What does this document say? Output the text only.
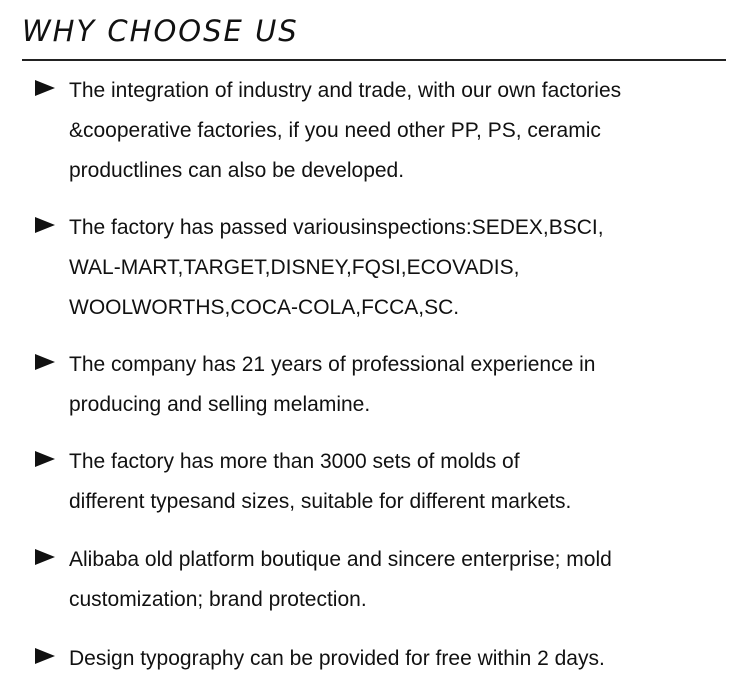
WHY CHOOSE US
The integration of industry and trade, with our own factories
&cooperative factories, if you need other PP, PS, ceramic
productlines can also be developed.
The factory has passed variousinspections:SEDEX,BSCI,
WAL-MART,TARGET,DISNEY,FQSI,ECOVADIS,
WOOLWORTHS,COCA-COLA,FCCA,SC.
The company has 21 years of professional experience in
producing and selling melamine.
The factory has more than 3000 sets of molds of
different typesand sizes, suitable for different markets.
Alibaba old platform boutique and sincere enterprise; mold
customization; brand protection.
Design typography can be provided for free within 2 days.
